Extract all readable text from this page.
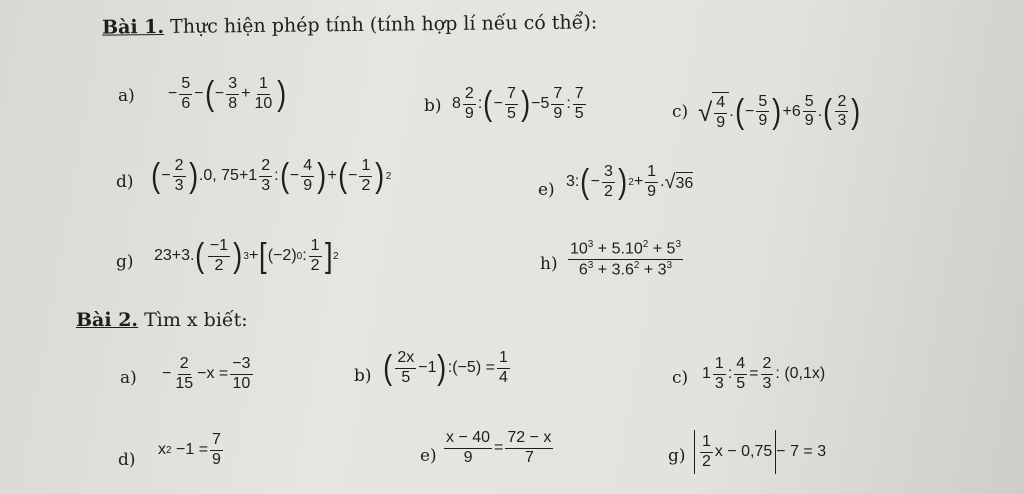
Bài 1. Thực hiện phép tính (tính hợp lí nếu có thể):
a) −
5
6
− ( −
3
8
+
1
10 )	b) 8
2
9
: ( −
7
5 ) −5
7
9
:
7
5	c) √ $\frac{4}{9}$ . ( −
5
9 ) +6
5
9
. ( 2
3 )
d) ( −
2
3 ) .0, 75+1
2
3
: ( −
4
9 ) + ( −
1
2 ) 2
e) 3: ( −
3
2 ) 2 +
1
9
. √ 36
g) 23+3. ( −1
2 ) 3 + [ (−2) 0 :
1
2 ] 2	h)
$10^3 + 5.10^2 + 5^3$
$6^3 + 3.6^2 + 3^3$
Bài 2. Tìm x biết:
a) −
2
15
−x =
−3
10	b) ( 2x
5
−1 ) :(−5) =
1
4	c) 1
1
3
:
4
5
=
2
3
: (0,1x)
d)
x 2 −1 =
7
9	e)
x − 40
9
=
72 − x
7	g)
1
2
x − 0,75 − 7 = 3
